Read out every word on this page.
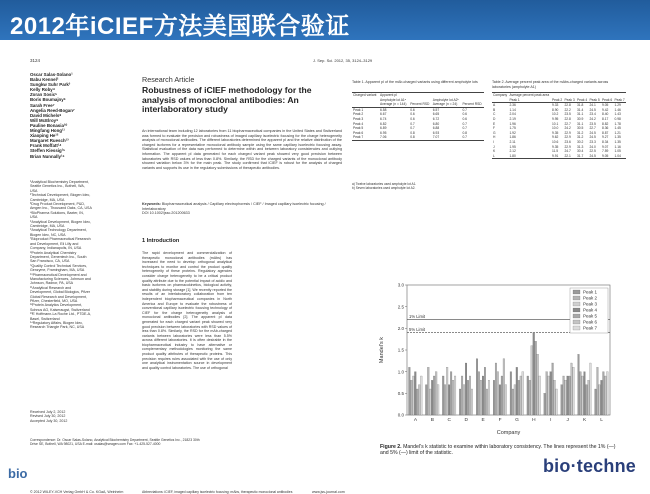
2012年iCIEF方法美国联合验证
3124	J. Sep. Sci. 2012, 35, 3124–3129
Oscar Salas-Solano¹
Babu Kennel²
Sungkw Suhr Park³
Kelly Roby⁴
Zoran Sosic⁵
Boris Boumajny⁶
Sarah Free⁷
Angelia Reed-Bogan⁷
David Michels⁸
Will McElroy⁹
Pauline Bonasia¹⁰
Mingfang Hong¹¹
Xiaoping He¹²
Margaret Ruesch¹³
Frank Moffatt¹⁴
Steffen Kiessig¹⁵
Brian Nunnally¹⁶
¹Analytical Biochemistry Department, Seattle Genetics Inc., Bothell, WA, USA
²Technical Development, Biogen Idec, Cambridge, MA, USA
³Drug Product Development, P&D, Amgen Inc., Thousand Oaks, CA, USA
⁴BioPharma Solutions, Baxter, IN, USA
⁵Analytical Development, Biogen Idec, Cambridge, MA, USA
⁶Analytical Technology Department, Biogen Idec, NC, USA
⁷Bioproduct Pharmaceutical Research and Development, Eli Lilly and Company, Indianapolis, IN, USA
⁸Protein Analytical Chemistry Department, Genentech Inc., South San Francisco, CA, USA
⁹Quality Control Technical Services, Genzyme, Framingham, MA, USA
¹⁰Pharmaceutical Development and Manufacturing Sciences, Johnson and Johnson, Radnor, PA, USA
¹¹Analytical Research and Development, Global Biologics, Pfizer Global Research and Development, Pfizer, Chesterfield, MO, USA
¹²Protein Analytics Development, Sohnus AG, Kaiseraugst, Switzerland
¹³E Hoffmann-La Roche Ltd., PTDE-A, Basel, Switzerland
¹⁴Regulatory Affairs, Biogen Idec, Research Triangle Park, NC, USA
Received July 2, 2012
Revised July 30, 2012
Accepted July 30, 2012
Correspondence: Dr. Oscar Salas-Solano, Analytical Biochemistry Department, Seattle Genetics Inc., 21823 30th Drive SE, Bothell, WA 98021, USA E-mail: osalas@seagen.com Fax: +1-425-527-4000
© 2012 WILEY-VCH Verlag GmbH & Co. KGaA, Weinheim
Research Article
Robustness of iCIEF methodology for the analysis of monoclonal antibodies: An interlaboratory study
An international team including 12 laboratories from 11 biopharmaceutical companies in the United States and Switzerland was formed to evaluate the precision and robustness of imaged capillary isoelectric focusing for the charge heterogeneity analysis of monoclonal antibodies. The different laboratories determined the apparent pI and the relative distribution of the charged isoforms for a representative monoclonal antibody sample using the same capillary isoelectric focusing assay. Statistical evaluation of the data was performed to determine within and between laboratory consistencies and outlying information. The apparent pI data generated for each charged variant peak showed very good precision between laboratories with RSD values of less than 0.8%. Similarly, the RSD for the charged variants of the monoclonal antibody showed variation below 3% for the main peak. The study confirmed that iCIEF is robust for the analysis of charged variants and supports its use in the regulatory submissions of therapeutic antibodies.
Keywords: Biopharmaceutical analysis / Capillary electrophoresis / CIEF / Imaged capillary isoelectric focusing / Interlaboratory
DOI 10.1002/jssc.201200633
1 Introduction
The rapid development and commercialization of therapeutic monoclonal antibodies (mAbs) has increased the need to develop orthogonal analytical techniques to monitor and control the product quality heterogeneity of these proteins. Regulatory agencies consider charge heterogeneity to be a critical product quality attribute due to the potential impact of acidic and basic isoforms on pharmacokinetics, biological activity, and stability during storage [1]. We recently reported the results of an interlaboratory collaboration from ten independent biopharmaceutical companies in North America and Europe to evaluate the robustness of conventional capillary isoelectric focusing technology of CIEF for the charge heterogeneity analysis of monoclonal antibodies [2]. The apparent pI data generated for each charged variant peak showed very good precision between laboratories with RSD values of less than 0.8%. Similarly, the RSD for the mAb-charged variants between laboratories were less than 5.5% across different laboratories. It is often desirable in the biopharmaceutical industry to have alternative or complementary methodologies monitoring the same product quality attributes of therapeutic proteins. This precision requires rules associated with the use of only one analytical instrumentation source in development and quality control laboratories. The use of orthogonal
Abbreviations: iCIEF, imaged capillary isoelectric focusing; mAbs, therapeutic monoclonal antibodies	www.jss-journal.com
Table 1. Apparent pI of the mAb-charged variants using different ampholyte lots
Charged variant	Apparent pI			
	Ampholyte lot A1ᵃ		Ampholyte lot A2ᵇ	
	Average (n = 144)	Percent RSD	Average (n = 24)	Percent RSD
Peak 1	6.58	0.6	6.57	0.7
Peak 2	6.67	0.6	6.65	0.6
Peak 3	6.74	0.6	6.72	0.6
Peak 4	6.82	0.7	6.80	0.7
Peak 5	6.89	0.7	6.88	0.7
Peak 6	6.95	0.8	6.93	0.8
Peak 7	7.06	0.8	7.07	0.7
a) Twelve laboratories used ampholyte lot A1.
b) Seven laboratories used ampholyte lot A2.
Table 2. Average percent peak area of the mAbs-charged variants across laboratories (ampholyte A1)
Company	Average percent peak area						
	Peak 1	Peak 2	Peak 3	Peak 4	Peak 5	Peak 6	Peak 7
A	2.36	9.33	22.8	31.8	24.1	9.05	1.29
B	1.14	8.90	22.2	31.4	24.5	9.42	1.46
C	2.04	10.2	23.5	31.1	23.4	8.40	1.43
D	2.19	9.95	22.8	30.9	24.2	8.17	0.98
E	1.96	10.1	22.7	31.1	23.5	8.82	1.78
F	1.75	10.0	24.2	30.5	22.7	8.36	1.45
G	1.92	9.35	22.9	31.2	24.5	8.87	1.21
H	1.86	9.62	22.9	31.2	24.5	9.27	1.35
I	2.11	10.6	23.6	30.2	23.3	8.34	1.35
J	1.95	9.35	22.9	31.3	24.0	9.07	1.16
K	2.12	11.5	24.7	30.4	22.5	7.59	1.05
L	1.80	9.91	22.1	31.7	24.5	9.05	1.04
0.0
0.5
1.0
1.5
2.0
2.5
3.0
Mandel's k
Company
A	B	C	D	E	F	G	H	I	J	K	L
1% Limit
5% Limit
Peak 1
Peak 2
Peak 3
Peak 4
Peak 5
Peak 6
Peak 7
Figure 2. Mandel's k statistic to examine within laboratory consistency. The lines represent the 1% (—) and 5% (—) limit of the statistic.
bio	bio·techne
